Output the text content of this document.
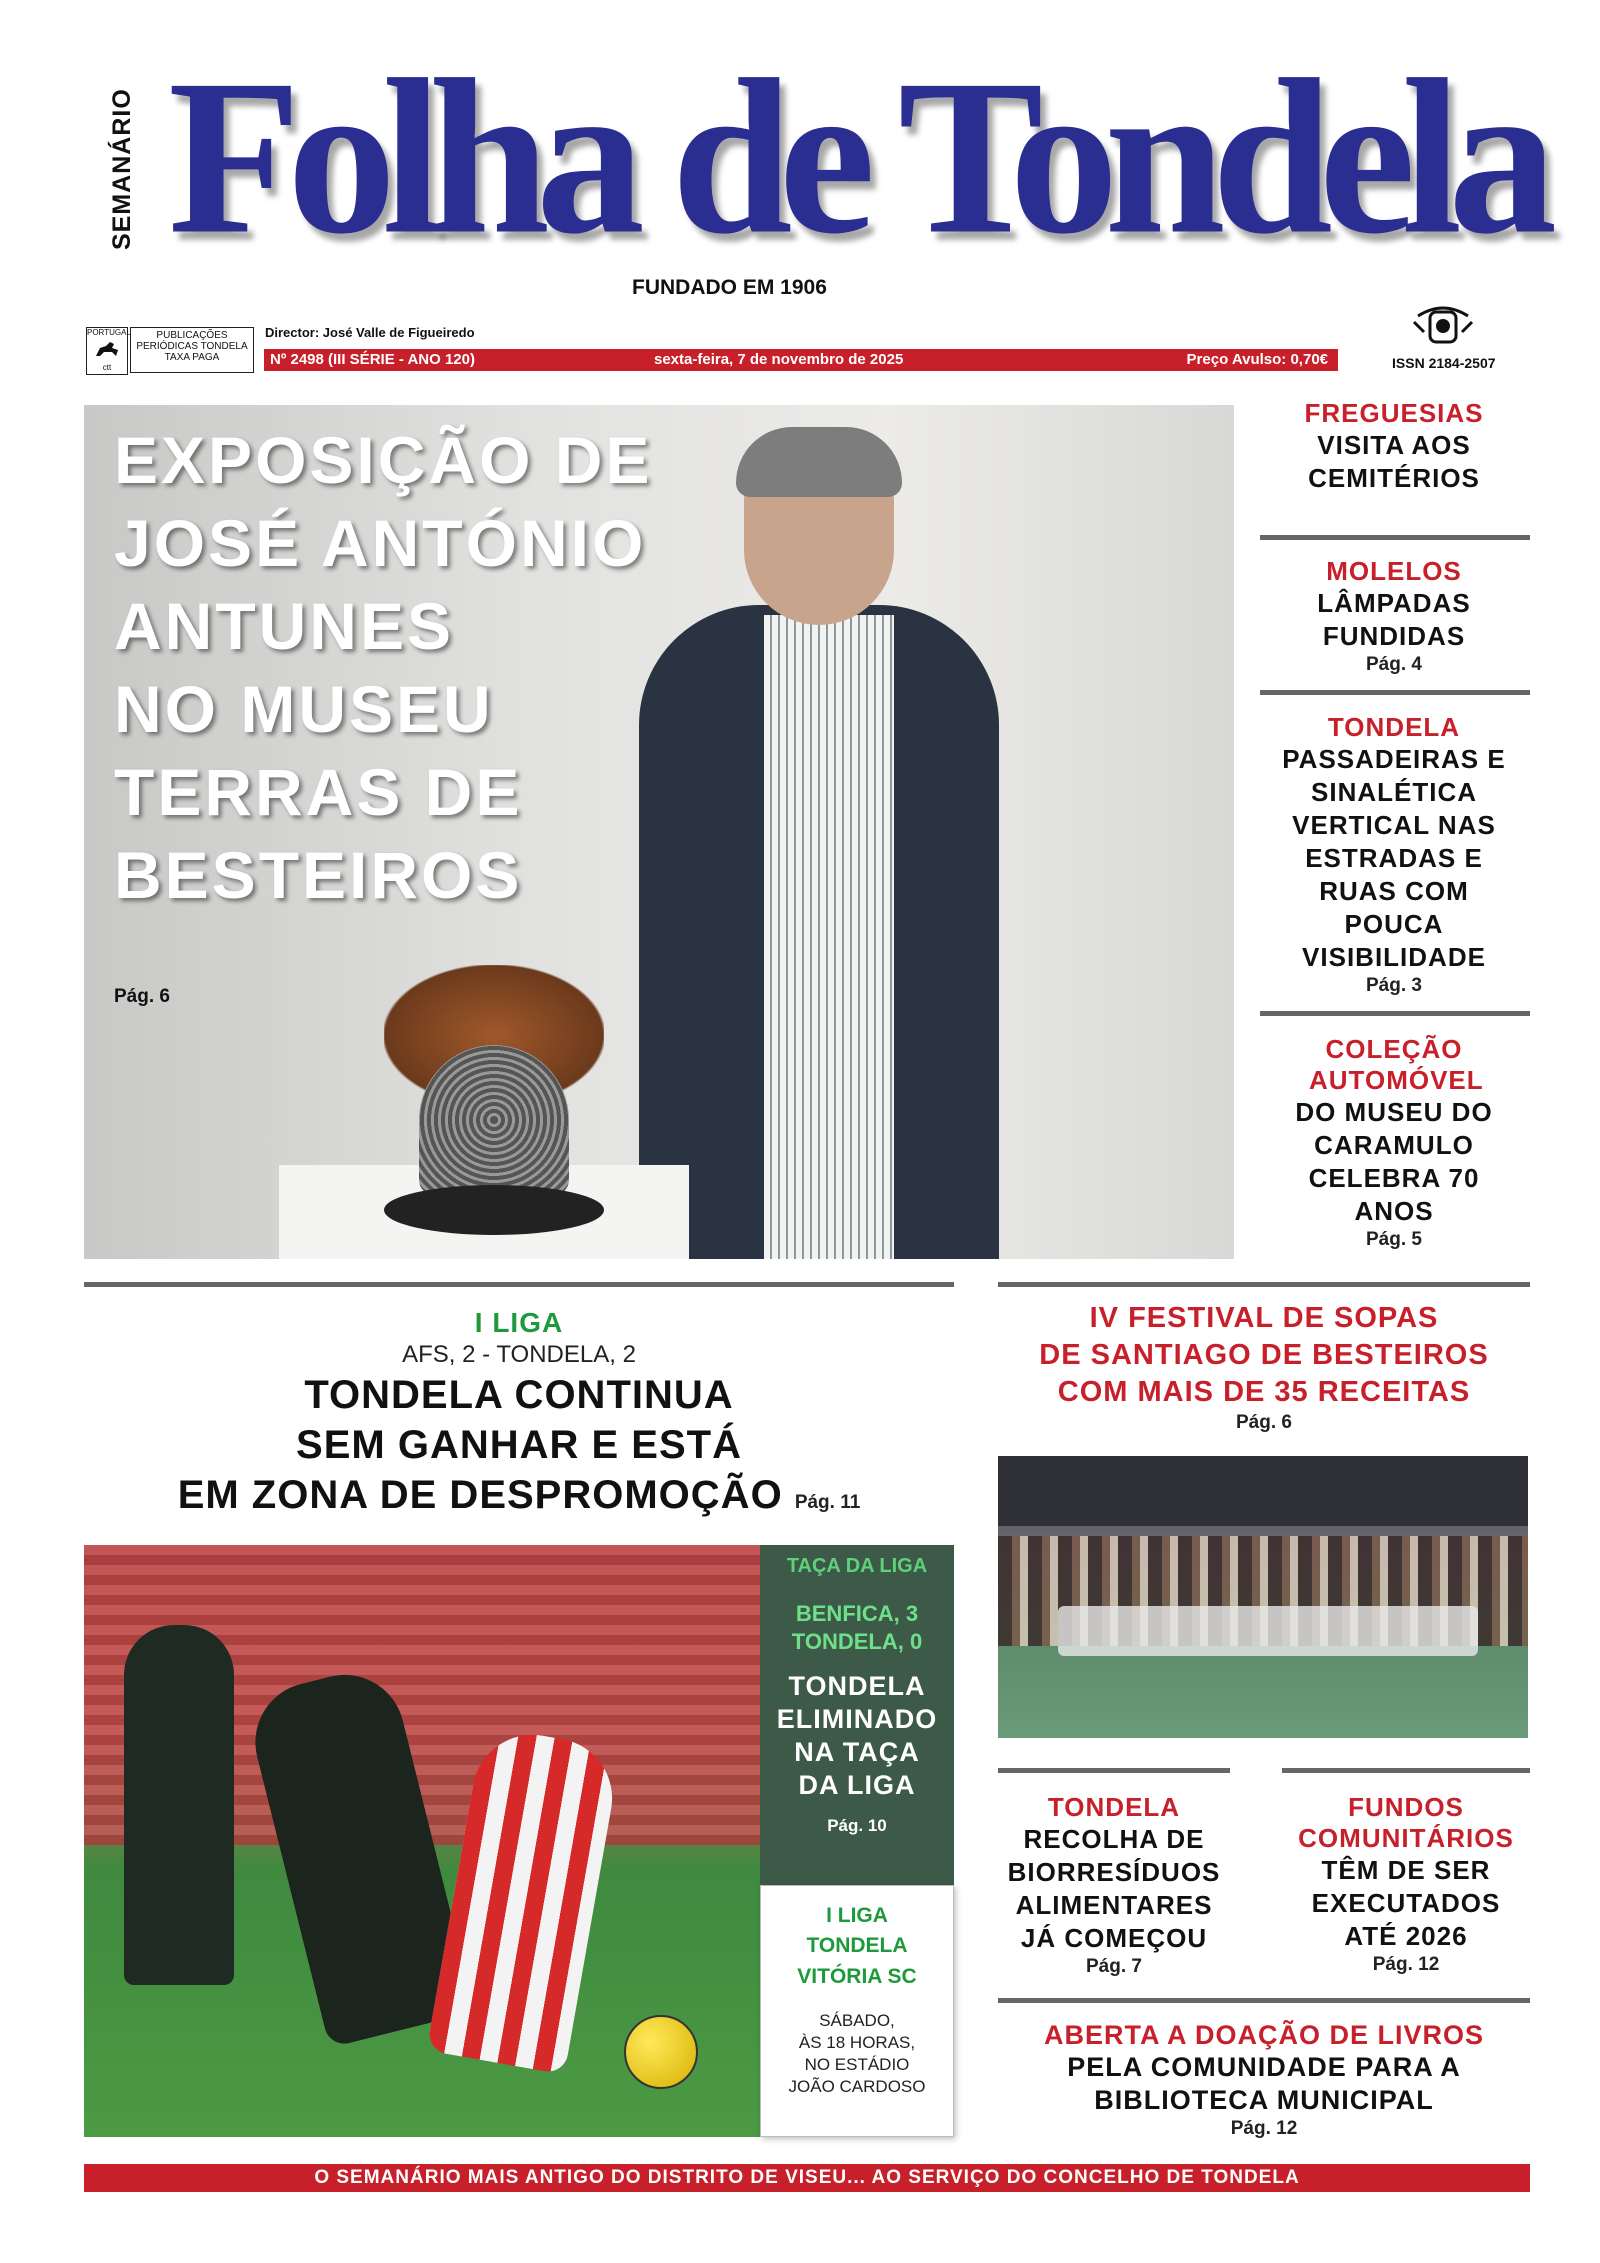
SEMANÁRIO Folha de Tondela
FUNDADO EM 1906
PORTUGAL
ctt
PUBLICAÇÕES PERIÓDICAS TONDELA TAXA PAGA
Director: José Valle de Figueiredo
Nº 2498 (III SÉRIE - ANO 120)	sexta-feira, 7 de novembro de 2025	Preço Avulso: 0,70€	ISSN 2184-2507
EXPOSIÇÃO DE
JOSÉ ANTÓNIO
ANTUNES
NO MUSEU
TERRAS DE
BESTEIROS
Pág. 6
FREGUESIAS
VISITA AOS CEMITÉRIOS
MOLELOS
LÂMPADAS FUNDIDAS
Pág. 4
TONDELA
PASSADEIRAS E SINALÉTICA VERTICAL NAS ESTRADAS E RUAS COM POUCA VISIBILIDADE
Pág. 3
COLEÇÃO AUTOMÓVEL
DO MUSEU DO CARAMULO CELEBRA 70 ANOS
Pág. 5
I LIGA
AFS, 2 - TONDELA, 2
TONDELA CONTINUA
SEM GANHAR E ESTÁ
EM ZONA DE DESPROMOÇÃO Pág. 11
TAÇA DA LIGA
BENFICA, 3
TONDELA, 0
TONDELA
ELIMINADO
NA TAÇA
DA LIGA
Pág. 10
I LIGA
TONDELA
VITÓRIA SC
SÁBADO,
ÀS 18 HORAS,
NO ESTÁDIO
JOÃO CARDOSO
IV FESTIVAL DE SOPAS
DE SANTIAGO DE BESTEIROS
COM MAIS DE 35 RECEITAS
Pág. 6
TONDELA
RECOLHA DE
BIORRESÍDUOS
ALIMENTARES
JÁ COMEÇOU
Pág. 7
FUNDOS
COMUNITÁRIOS
TÊM DE SER
EXECUTADOS
ATÉ 2026
Pág. 12
ABERTA A DOAÇÃO DE LIVROS
PELA COMUNIDADE PARA A
BIBLIOTECA MUNICIPAL
Pág. 12
O SEMANÁRIO MAIS ANTIGO DO DISTRITO DE VISEU... AO SERVIÇO DO CONCELHO DE TONDELA
